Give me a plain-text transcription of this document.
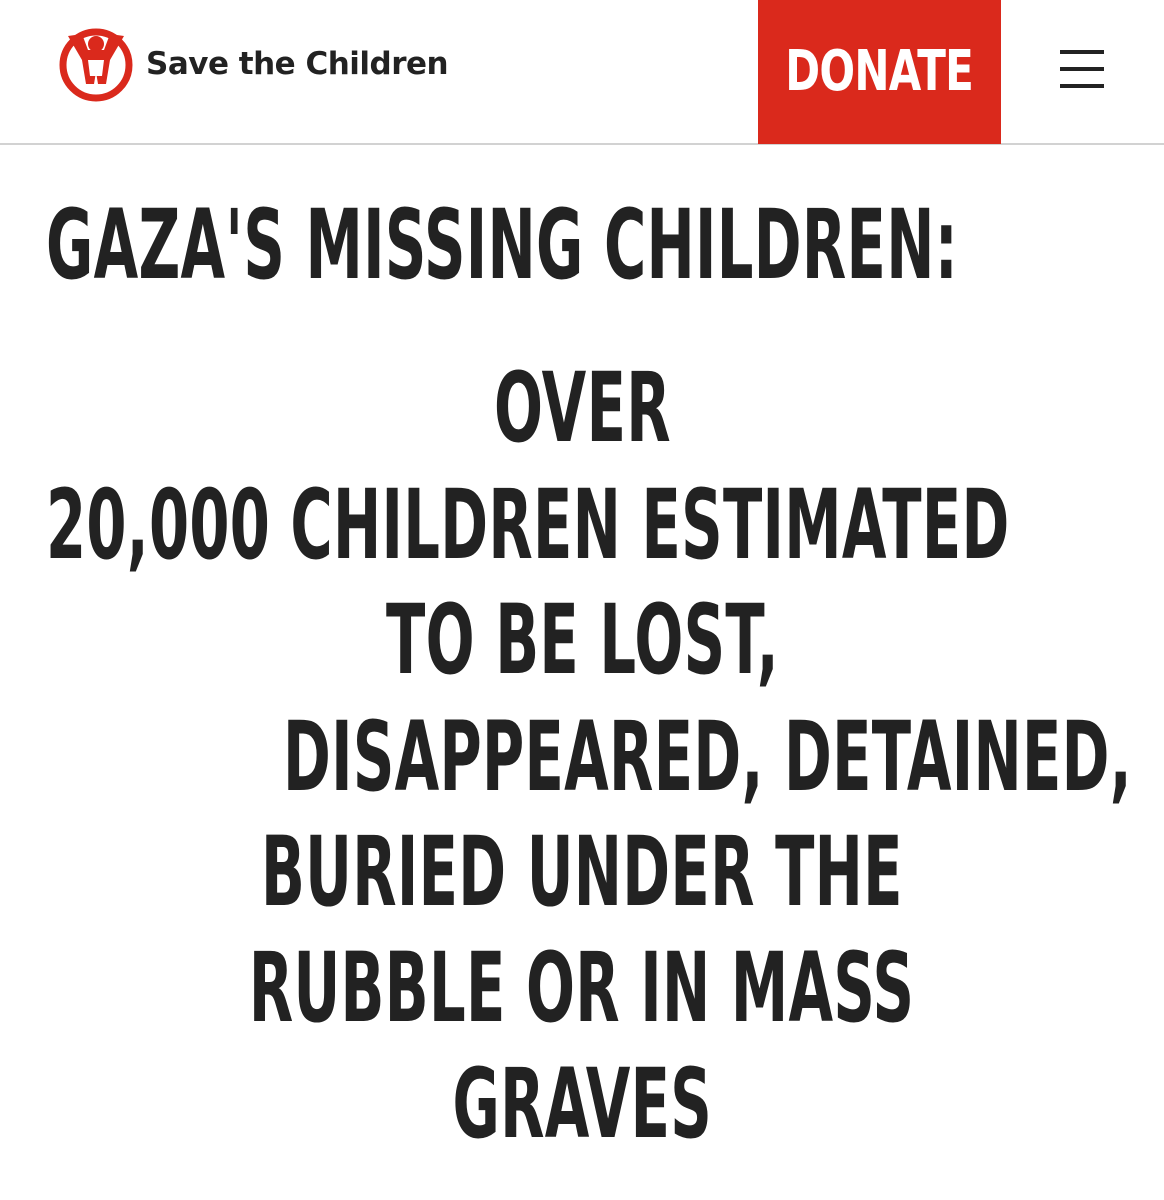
Save the Children	DONATE
GAZA'S MISSING CHILDREN:
OVER
20,000 CHILDREN ESTIMATED
TO BE LOST,
DISAPPEARED, DETAINED,
BURIED UNDER THE
RUBBLE OR IN MASS
GRAVES
